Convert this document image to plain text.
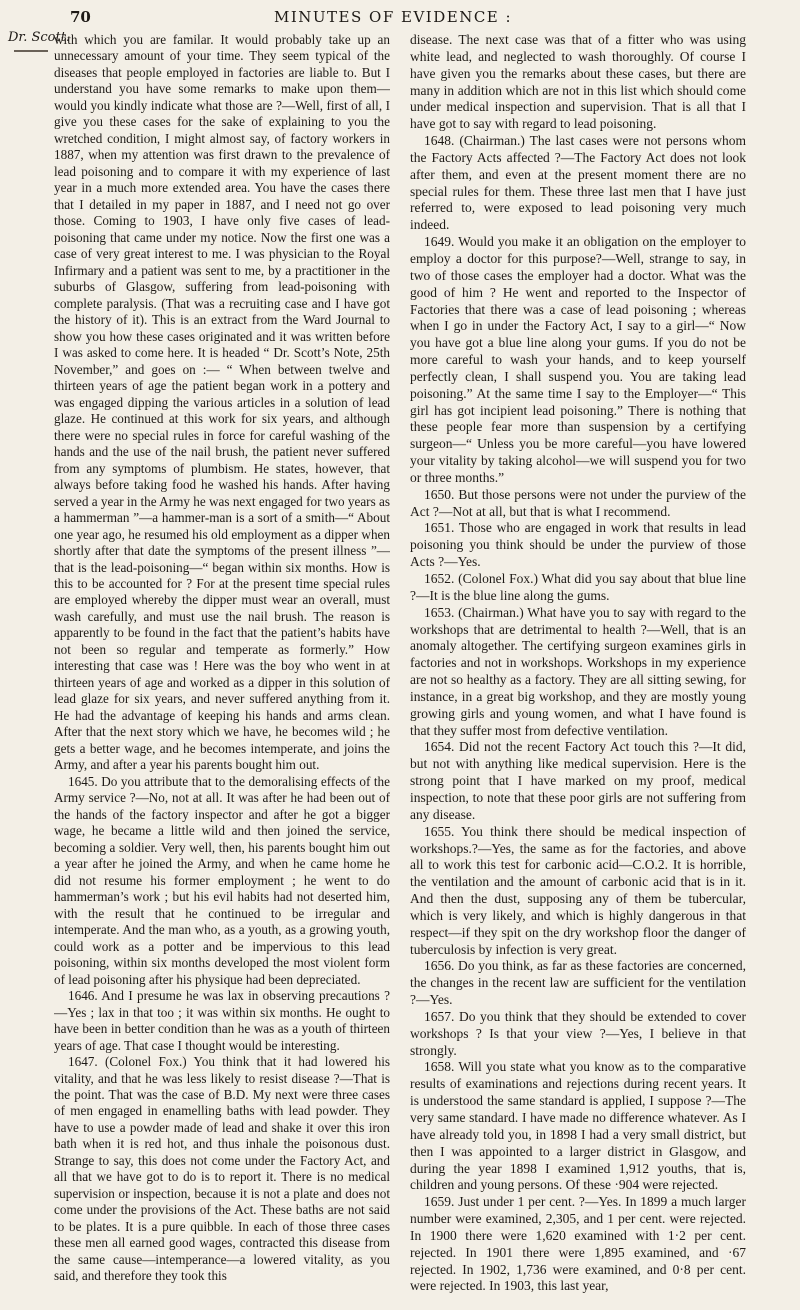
70	MINUTES OF EVIDENCE :
Dr. Scott.

with which you are familar. It would probably take up an unnecessary amount of your time. They seem typical of the diseases that people employed in factories are liable to. But I understand you have some remarks to make upon them—would you kindly indicate what those are ?—Well, first of all, I give you these cases for the sake of explaining to you the wretched condition, I might almost say, of factory workers in 1887, when my attention was first drawn to the prevalence of lead poisoning and to compare it with my experience of last year in a much more extended area. You have the cases there that I detailed in my paper in 1887, and I need not go over those. Coming to 1903, I have only five cases of lead-poisoning that came under my notice. Now the first one was a case of very great interest to me. I was physician to the Royal Infirmary and a patient was sent to me, by a practitioner in the suburbs of Glasgow, suffering from lead-poisoning with complete paralysis. (That was a recruiting case and I have got the history of it). This is an extract from the Ward Journal to show you how these cases originated and it was written before I was asked to come here. It is headed “ Dr. Scott’s Note, 25th November,” and goes on :— “ When between twelve and thirteen years of age the patient began work in a pottery and was engaged dipping the various articles in a solution of lead glaze. He continued at this work for six years, and although there were no special rules in force for careful washing of the hands and the use of the nail brush, the patient never suffered from any symptoms of plumbism. He states, however, that always before taking food he washed his hands. After having served a year in the Army he was next engaged for two years as a hammerman ”—a hammer-man is a sort of a smith—“ About one year ago, he resumed his old employment as a dipper when shortly after that date the symptoms of the present illness ”—that is the lead-poisoning—“ began within six months. How is this to be accounted for ? For at the present time special rules are employed whereby the dipper must wear an overall, must wash carefully, and must use the nail brush. The reason is apparently to be found in the fact that the patient’s habits have not been so regular and temperate as formerly.” How interesting that case was ! Here was the boy who went in at thirteen years of age and worked as a dipper in this solution of lead glaze for six years, and never suffered anything from it. He had the advantage of keeping his hands and arms clean. After that the next story which we have, he becomes wild ; he gets a better wage, and he becomes intemperate, and joins the Army, and after a year his parents bought him out.

1645. Do you attribute that to the demoralising effects of the Army service ?—No, not at all. It was after he had been out of the hands of the factory inspector and after he got a bigger wage, he became a little wild and then joined the service, becoming a soldier. Very well, then, his parents bought him out a year after he joined the Army, and when he came home he did not resume his former employment ; he went to do hammerman’s work ; but his evil habits had not deserted him, with the result that he continued to be irregular and intemperate. And the man who, as a youth, as a growing youth, could work as a potter and be impervious to this lead poisoning, within six months developed the most violent form of lead poisoning after his physique had been depreciated.

1646. And I presume he was lax in observing precautions ?—Yes ; lax in that too ; it was within six months. He ought to have been in better condition than he was as a youth of thirteen years of age. That case I thought would be interesting.

1647. (Colonel Fox.) You think that it had lowered his vitality, and that he was less likely to resist disease ?—That is the point. That was the case of B.D. My next were three cases of men engaged in enamelling baths with lead powder. They have to use a powder made of lead and shake it over this iron bath when it is red hot, and thus inhale the poisonous dust. Strange to say, this does not come under the Factory Act, and all that we have got to do is to report it. There is no medical supervision or inspection, because it is not a plate and does not come under the provisions of the Act. These baths are not said to be plates. It is a pure quibble. In each of those three cases these men all earned good wages, contracted this disease from the same cause—intemperance—a lowered vitality, as you said, and therefore they took this

disease. The next case was that of a fitter who was using white lead, and neglected to wash thoroughly. Of course I have given you the remarks about these cases, but there are many in addition which are not in this list which should come under medical inspection and supervision. That is all that I have got to say with regard to lead poisoning.

1648. (Chairman.) The last cases were not persons whom the Factory Acts affected ?—The Factory Act does not look after them, and even at the present moment there are no special rules for them. These three last men that I have just referred to, were exposed to lead poisoning very much indeed.

1649. Would you make it an obligation on the employer to employ a doctor for this purpose?—Well, strange to say, in two of those cases the employer had a doctor. What was the good of him ? He went and reported to the Inspector of Factories that there was a case of lead poisoning ; whereas when I go in under the Factory Act, I say to a girl—“ Now you have got a blue line along your gums. If you do not be more careful to wash your hands, and to keep yourself perfectly clean, I shall suspend you. You are taking lead poisoning.” At the same time I say to the Employer—“ This girl has got incipient lead poisoning.” There is nothing that these people fear more than suspension by a certifying surgeon—“ Unless you be more careful—you have lowered your vitality by taking alcohol—we will suspend you for two or three months.”

1650. But those persons were not under the purview of the Act ?—Not at all, but that is what I recommend.

1651. Those who are engaged in work that results in lead poisoning you think should be under the purview of those Acts ?—Yes.

1652. (Colonel Fox.) What did you say about that blue line ?—It is the blue line along the gums.

1653. (Chairman.) What have you to say with regard to the workshops that are detrimental to health ?—Well, that is an anomaly altogether. The certifying surgeon examines girls in factories and not in workshops. Workshops in my experience are not so healthy as a factory. They are all sitting sewing, for instance, in a great big workshop, and they are mostly young growing girls and young women, and what I have found is that they suffer most from defective ventilation.

1654. Did not the recent Factory Act touch this ?—It did, but not with anything like medical supervision. Here is the strong point that I have marked on my proof, medical inspection, to note that these poor girls are not suffering from any disease.

1655. You think there should be medical inspection of workshops.?—Yes, the same as for the factories, and above all to work this test for carbonic acid—C.O.2. It is horrible, the ventilation and the amount of carbonic acid that is in it. And then the dust, supposing any of them be tubercular, which is very likely, and which is highly dangerous in that respect—if they spit on the dry workshop floor the danger of tuberculosis by infection is very great.

1656. Do you think, as far as these factories are concerned, the changes in the recent law are sufficient for the ventilation ?—Yes.

1657. Do you think that they should be extended to cover workshops ? Is that your view ?—Yes, I believe in that strongly.

1658. Will you state what you know as to the comparative results of examinations and rejections during recent years. It is understood the same standard is applied, I suppose ?—The very same standard. I have made no difference whatever. As I have already told you, in 1898 I had a very small district, but then I was appointed to a larger district in Glasgow, and during the year 1898 I examined 1,912 youths, that is, children and young persons. Of these ·904 were rejected.

1659. Just under 1 per cent. ?—Yes. In 1899 a much larger number were examined, 2,305, and 1 per cent. were rejected. In 1900 there were 1,620 examined with 1·2 per cent. rejected. In 1901 there were 1,895 examined, and ·67 rejected. In 1902, 1,736 were examined, and 0·8 per cent. were rejected. In 1903, this last year,
